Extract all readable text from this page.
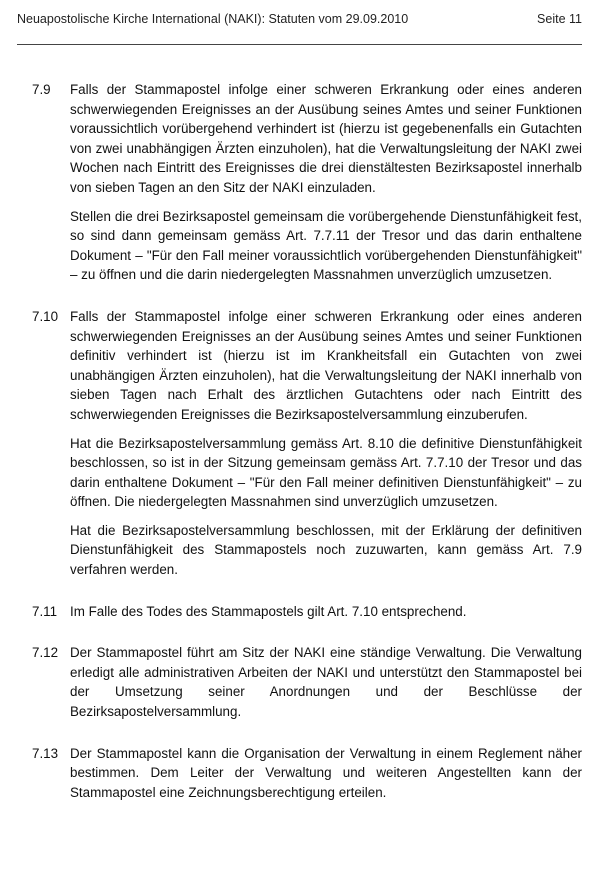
Neuapostolische Kirche International (NAKI): Statuten vom 29.09.2010	Seite 11
7.9	Falls der Stammapostel infolge einer schweren Erkrankung oder eines anderen schwerwiegenden Ereignisses an der Ausübung seines Amtes und seiner Funktionen voraussichtlich vorübergehend verhindert ist (hierzu ist gegebenenfalls ein Gutachten von zwei unabhängigen Ärzten einzuholen), hat die Verwaltungsleitung der NAKI zwei Wochen nach Eintritt des Ereignisses die drei dienstältesten Bezirksapostel innerhalb von sieben Tagen an den Sitz der NAKI einzuladen.

Stellen die drei Bezirksapostel gemeinsam die vorübergehende Dienstunfähigkeit fest, so sind dann gemeinsam gemäss Art. 7.7.11 der Tresor und das darin enthaltene Dokument – "Für den Fall meiner voraussichtlich vorübergehenden Dienstunfähigkeit" – zu öffnen und die darin niedergelegten Massnahmen unverzüglich umzusetzen.

7.10 Falls der Stammapostel infolge einer schweren Erkrankung oder eines anderen schwerwiegenden Ereignisses an der Ausübung seines Amtes und seiner Funktionen definitiv verhindert ist (hierzu ist im Krankheitsfall ein Gutachten von zwei unabhängigen Ärzten einzuholen), hat die Verwaltungsleitung der NAKI innerhalb von sieben Tagen nach Erhalt des ärztlichen Gutachtens oder nach Eintritt des schwerwiegenden Ereignisses die Bezirksapostelversammlung einzuberufen.

Hat die Bezirksapostelversammlung gemäss Art. 8.10 die definitive Dienstunfähigkeit beschlossen, so ist in der Sitzung gemeinsam gemäss Art. 7.7.10 der Tresor und das darin enthaltene Dokument – "Für den Fall meiner definitiven Dienstunfähigkeit" – zu öffnen. Die niedergelegten Massnahmen sind unverzüglich umzusetzen.

Hat die Bezirksapostelversammlung beschlossen, mit der Erklärung der definitiven Dienstunfähigkeit des Stammapostels noch zuzuwarten, kann gemäss Art. 7.9 verfahren werden.

7.11 Im Falle des Todes des Stammapostels gilt Art. 7.10 entsprechend.

7.12 Der Stammapostel führt am Sitz der NAKI eine ständige Verwaltung. Die Verwaltung erledigt alle administrativen Arbeiten der NAKI und unterstützt den Stammapostel bei der Umsetzung seiner Anordnungen und der Beschlüsse der Bezirksapostelversammlung.

7.13 Der Stammapostel kann die Organisation der Verwaltung in einem Reglement näher bestimmen. Dem Leiter der Verwaltung und weiteren Angestellten kann der Stammapostel eine Zeichnungsberechtigung erteilen.
